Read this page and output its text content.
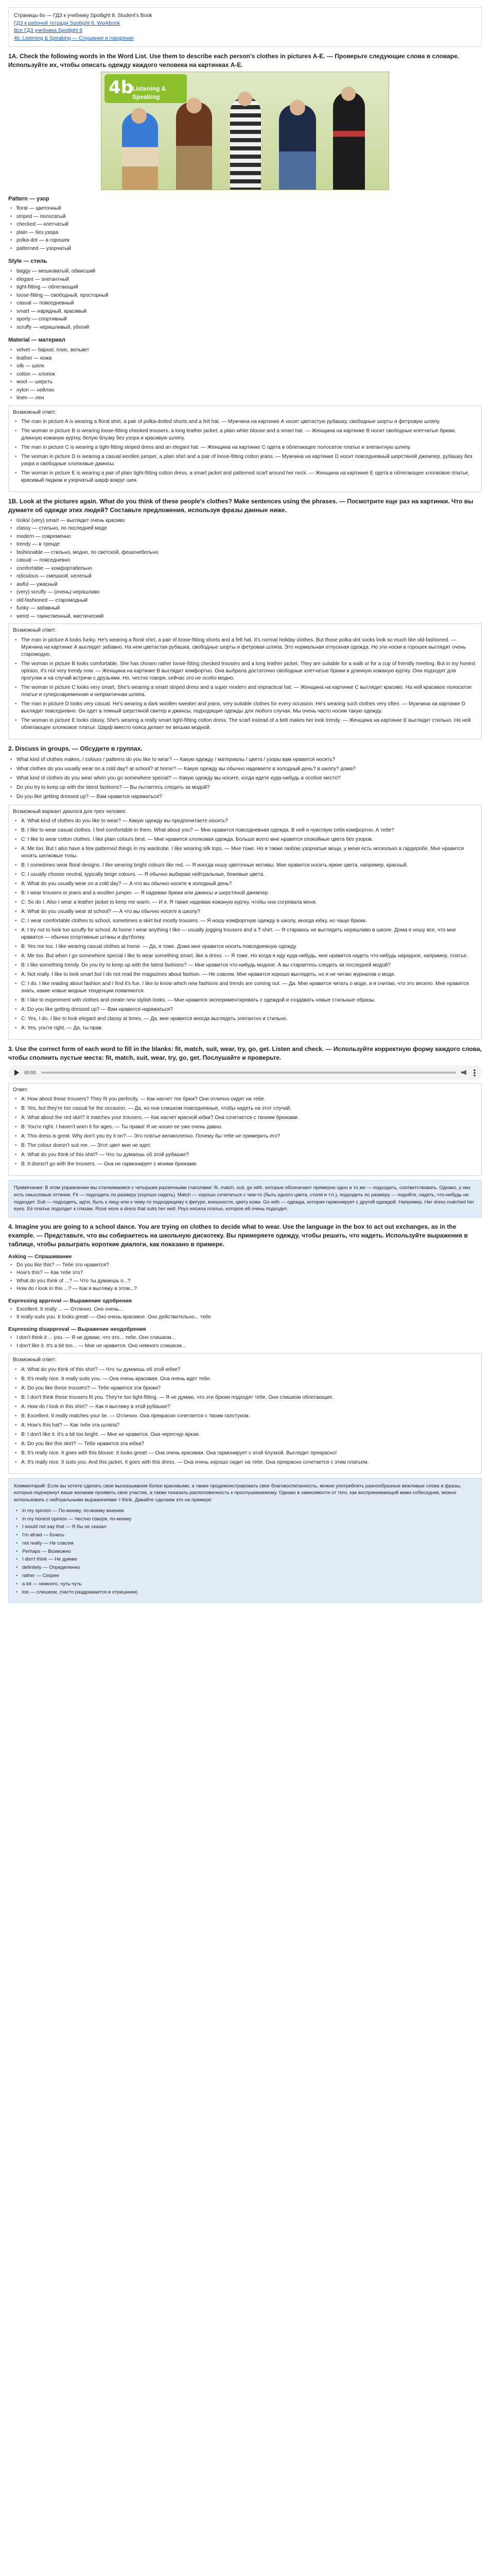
Страницы 6о — ГДЗ к учебнику Spotlight 8. Student's Book
ГДЗ к рабочей тетради Spotlight 8. Workbook
Все ГДЗ учебника Spotlight 8
4b. Listening & Speaking — Слушание и говорение
1А. Check the following words in the Word List. Use them to describe each person's clothes in pictures A-E. — Проверьте следующие слова в словаре. Используйте их, чтобы описать одежду каждого человека на картинках А-Е.
4b
Listening & Speaking
Pattern — узор
• floral — цветочный
• striped — полосатый
• checked — клетчатый
• plain — без узора
• polka-dot — в горошек
• patterned — узорчатый
Style — стиль
• baggy — мешковатый, обвисший
• elegant — элегантный
• tight-fitting — облегающий
• loose-fitting — свободный, просторный
• casual — повседневный
• smart — нарядный, красивый
• sporty — спортивный
• scruffy — неряшливый, убогий
Material — материал
• velvet — бархат, плис, вельвет
• leather — кожа
• silk — шелк
• cotton — хлопок
• wool — шерсть
• nylon — нейлон
• linen — лен
Возможный ответ:
• The man in picture A is wearing a floral shirt, a pair of polka-dotted shorts and a felt hat. — Мужчина на картинке А носит цветастую рубашку, свободные шорты и фетровую шляпу.
• The woman in picture B is wearing loose-fitting checked trousers, a long leather jacket, a plain white blouse and a smart hat. — Женщина на картинке В носит свободные клетчатые брюки, длинную кожаную куртку, белую блузку без узора и красивую шляпу.
• The man in picture C is wearing a tight-fitting striped dress and an elegant hat. — Женщина на картинке С одета в облегающее полосатое платье и элегантную шляпу.
• The woman in picture D is wearing a casual woollen jumper, a plain shirt and a pair of loose-fitting cotton jeans. — Мужчина на картинке D носит повседневный шерстяной джемпер, рубашку без узора и свободные хлопковые джинсы.
• The woman in picture E is wearing a pair of plain tight-fitting cotton dress, a smart jacket and patterned scarf around her neck. — Женщина на картинке Е одета в облегающее хлопковое платье, красивый пиджак и узорчатый шарф вокруг шеи.
1В. Look at the pictures again. What do you think of these people's clothes? Make sentences using the phrases. — Посмотрите еще раз на картинки. Что вы думаете об одежде этих людей? Составьте предложения, используя фразы данные ниже.
• looks/ (very) smart — выглядит очень красиво
• classy — стильно, по последней моде
• modern — современно
• trendy — в тренде
• fashionable — стильно, модно, по светской, фешенебельно
• casual — повседневно
• comfortable — комфортабельно
• ridiculous — смешной, нелепый
• awful — ужасный
• (very) scruffy — (очень) неряшливо
• old-fashioned — старомодный
• funky — забавный
• weird — таинственный, мистический
Возможный ответ:
• The man in picture A looks funky. He's wearing a floral shirt, a pair of loose-fitting shorts and a felt hat. It's normal holiday clothes. But those polka-dot socks look so much like old-fashioned. — Мужчина на картинке А выглядит забавно. На нем цветастая рубашка, свободные шорты и фетровая шляпа. Это нормальная отпускная одежда. Но эти носки в горошек выглядят очень старомодно.
• The woman in picture B looks comfortable. She has chosen rather loose-fitting checked trousers and a long leather jacket. They are suitable for a walk or for a cup of friendly meeting. But in my honest opinion, it's not very trendy now. — Женщина на картинке В выглядит комфортно. Она выбрала достаточно свободные клетчатые брюки и длинную кожаную куртку. Они подходят для прогулки и на случай встречи с друзьями. Но, честно говоря, сейчас это не особо модно.
• The woman in picture C looks very smart. She's wearing a smart striped dress and a super modern and impractical hat. — Женщина на картинке С выглядит красиво. На ней красивое полосатое платье и суперсовременная и непрактичная шляпа.
• The man in picture D looks very casual. He's wearing a dark woollen sweater and jeans, very suitable clothes for every occasion. He's wearing such clothes very often. — Мужчина на картинке D выглядит повседневно. Он одет в темный шерстяной свитер и джинсы, подходящие одежды для любого случая. Мы очень часто носим такую одежду.
• The woman in picture E looks classy. She's wearing a really smart tight-fitting cotton dress. The scarf instead of a belt makes her look trendy. — Женщина на картинке Е выглядит стильно. На ней облегающее хлопковое платье. Шарф вместо пояса делает ее весьма модной.
2. Discuss in groups. — Обсудите в группах.
• What kind of clothes makes, / colours / patterns do you like to wear? — Какую одежду / материалы / цвета / узоры вам нравится носить?
• What clothes do you usually wear on a cold day? at school? at home? — Какую одежду вы обычно надеваете в холодный день? в школу? дома?
• What kind of clothes do you wear when you go somewhere special? — Какую одежду вы носите, когда идете куда-нибудь в особое место?
• Do you try to keep up with the latest fashions? — Вы пытаетесь следить за модой?
• Do you like getting dressed up? — Вам нравится наряжаться?
Возможный вариант диалога для трех человек:
• A: What kind of clothes do you like to wear? — Какую одежду вы предпочитаете носить?
• B: I like to wear casual clothes. I feel comfortable in them. What about you? — Мне нравится повседневная одежда. В ней я чувствую себя комфортно. А тебе?
• C: I like to wear cotton clothes. I like plain colours best. — Мне нравится хлопковая одежда. Больше всего мне нравятся спокойные цвета без узоров.
• A: Me too. But I also have a few patterned things in my wardrobe. I like wearing silk tops. — Мне тоже. Но я также люблю узорчатые вещи, у меня есть несколько в гардеробе. Мне нравится носить шелковые топы.
• B: I sometimes wear floral designs. I like wearing bright colours like red. — Я иногда ношу цветочные мотивы. Мне нравится носить яркие цвета, например, красный.
• C: I usually choose neutral, typically beige colours. — Я обычно выбираю нейтральные, бежевые цвета.
• A: What do you usually wear on a cold day? — А что вы обычно носите в холодный день?
• B: I wear trousers or jeans and a woollen jumper. — Я надеваю брюки или джинсы и шерстяной джемпер.
• C: So do I. Also I wear a leather jacket to keep me warm. — И я. Я также надеваю кожаную куртку, чтобы она согревала меня.
• A: What do you usually wear at school? — А что вы обычно носите в школу?
• C: I wear comfortable clothes to school, sometimes a skirt but mostly trousers. — Я ношу комфортную одежду в школу, иногда юбку, но чаще брюки.
• A: I try not to look too scruffy for school. At home I wear anything I like — usually jogging trousers and a T-shirt. — Я стараюсь не выглядеть неряшливо в школе. Дома я ношу все, что мне нравится — обычно спортивные штаны и футболку.
• B: Yes me too. I like wearing casual clothes at home. — Да, я тоже. Дома мне нравится носить повседневную одежду.
• A: Me too. But when I go somewhere special I like to wear something smart, like a dress. — Я тоже. Но когда я иду куда-нибудь, мне нравится надеть что-нибудь нарядное, например, платье.
• B: I like something trendy. Do you try to keep up with the latest fashions? — Мне нравится что-нибудь модное. А вы стараетесь следить за последней модой?
• A: Not really. I like to look smart but I do not read the magazines about fashion. — Не совсем. Мне нравится хорошо выглядеть, но я не читаю журналов о моде.
• C: I do. I like reading about fashion and I find it's fun. I like to know which new fashions and trends are coming out. — Да. Мне нравится читать о моде, и я считаю, что это весело. Мне нравится знать, какие новые модные тенденции появляются.
• B: I like to experiment with clothes and create new stylish looks. — Мне нравится экспериментировать с одеждой и создавать новые стильные образы.
• A: Do you like getting dressed up? — Вам нравится наряжаться?
• C: Yes, I do. I like to look elegant and classy at times. — Да, мне нравится иногда выглядеть элегантно и стильно.
• A: Yes, you're right. — Да, ты прав.
3. Use the correct form of each word to fill in the blanks: fit, match, suit, wear, try, go, get. Listen and check. — Используйте корректную форму каждого слова, чтобы сполнить пустые места: fit, match, suit, wear, try, go, get. Послушайте и проверьте.
00:00
Ответ:
• A: How about those trousers? They fit you perfectly. — Как насчет тех брюк? Они отлично сидят на тебе.
• B: Yes, but they're too casual for the occasion. — Да, но они слишком повседневные, чтобы надеть на этот случай.
• A: What about the red skirt? It matches your trousers. — Как насчет красной юбки? Она сочетается с твоими брюками.
• B: You're right. I haven't worn it for ages. — Ты права! Я не носил ее уже очень давно.
• A: This dress is great. Why don't you try it on? — Это платье великолепно. Почему бы тебе не примерить его?
• B: The colour doesn't suit me. — Этот цвет мне не идет.
• A: What do you think of this shirt? — Что ты думаешь об этой рубашке?
• B: It doesn't go with the trousers. — Она не гармонирует с моими брюками.
Примечание: В этом упражнении мы сталкиваемся с четырьмя различными глаголами: fit, match, suit, go with, которые обозначают примерно одно и то же — подходить, соответствовать. Однако, у них есть смысловые оттенки. Fit — подходить по размеру (хорошо сидеть). Match — хорошо сочетаться с чем-то (быть одного цвета, стиля и т.п.), подходить по размеру — подойти, сидеть, что-нибудь не подходит. Suit — подходить, идти, быть к лицу или к чему-то подходящему к фигуре, внешности, цвету кожи. Go with — одежда, которая гармонирует с другой одеждой. Например, Her dress matched her eyes. Её платье подходит к глазам. Rose wore a dress that suits her well. Роуз носила платье, которое ей очень подходит.
4. Imagine you are going to a school dance. You are trying on clothes to decide what to wear. Use the language in the box to act out exchanges, as in the example. — Представьте, что вы собираетесь на школьную дискотеку. Вы примеряете одежду, чтобы решить, что надеть. Используйте выражения в таблице, чтобы разыграть короткие диалоги, как показано в примере.
Asking — Спрашивание
• Do you like this? — Тебе это нравится?
• How's this? — Как тебе это?
• What do you think of ...? — Что ты думаешь о...?
• How do I look in this ...? — Как я выгляжу в этом...?
Expressing approval — Выражение одобрения
• Excellent. It really ... — Отлично. Оно очень...
• It really suits you. It looks great! — Оно очень красивое. Оно действительно... тебе
Expressing disapproval — Выражение неодобрения
• I don't think it ... you. — Я не думаю, что это... тебе. Оно слишком...
• I don't like it. It's a bit too... — Мне не нравится. Оно немного слишком...
Возможный ответ:
• A: What do you think of this shirt? — Что ты думаешь об этой юбке?
• B: It's really nice. It really suits you. — Она очень красивая. Она очень идет тебе.
• A: Do you like these trousers? — Тебе нравятся эти брюки?
• B: I don't think these trousers fit you. They're too tight-fitting. — Я не думаю, что эти брюки подходят тебе. Они слишком облегающие.
• A: How do I look in this shirt? — Как я выгляжу в этой рубашке?
• B: Excellent. It really matches your tie. — Отлично. Она прекрасно сочетается с твоим галстуком.
• A: How's this hat? — Как тебе эта шляпа?
• B: I don't like it. It's a bit too bright. — Мне не нравится. Она чересчур яркая.
• A: Do you like this skirt? — Тебе нравится эта юбка?
• B: It's really nice. It goes with this blouse. It looks great! — Она очень красивая. Она гармонирует с этой блузкой. Выглядит прекрасно!
• A: It's really nice. It suits you. And this jacket. It goes with this dress. — Она очень хорошо сидит на тебе. Она прекрасно сочетается с этим платьем.
Комментарий: Если вы хотите сделать свои высказывания более красивыми, а также продемонстрировать свое благовоспитанность, можно употреблять разнообразные вежливые слова и фразы, которые подчеркнут ваше желание проявить свое участие, а также показать расположенность к прослушиваемому. Однако в зависимости от того, как воспринимающий вами собеседник, можно использовать с нейтральными выражениями: I think. Давайте сделаем это на примере:
• in my opinion — По-моему, по-моему мнению
• in my honest opinion — Честно говоря, по-моему
• I would not say that — Я бы не сказал
• I'm afraid — Боюсь
• not really — Не совсем
• Perhaps — Возможно
• I don't think — Не думаю
• definitely — Определенно
• rather — Скорее
• a bit — немного, чуть-чуть
• too — слишком, (часто раздражается в отрицании)
